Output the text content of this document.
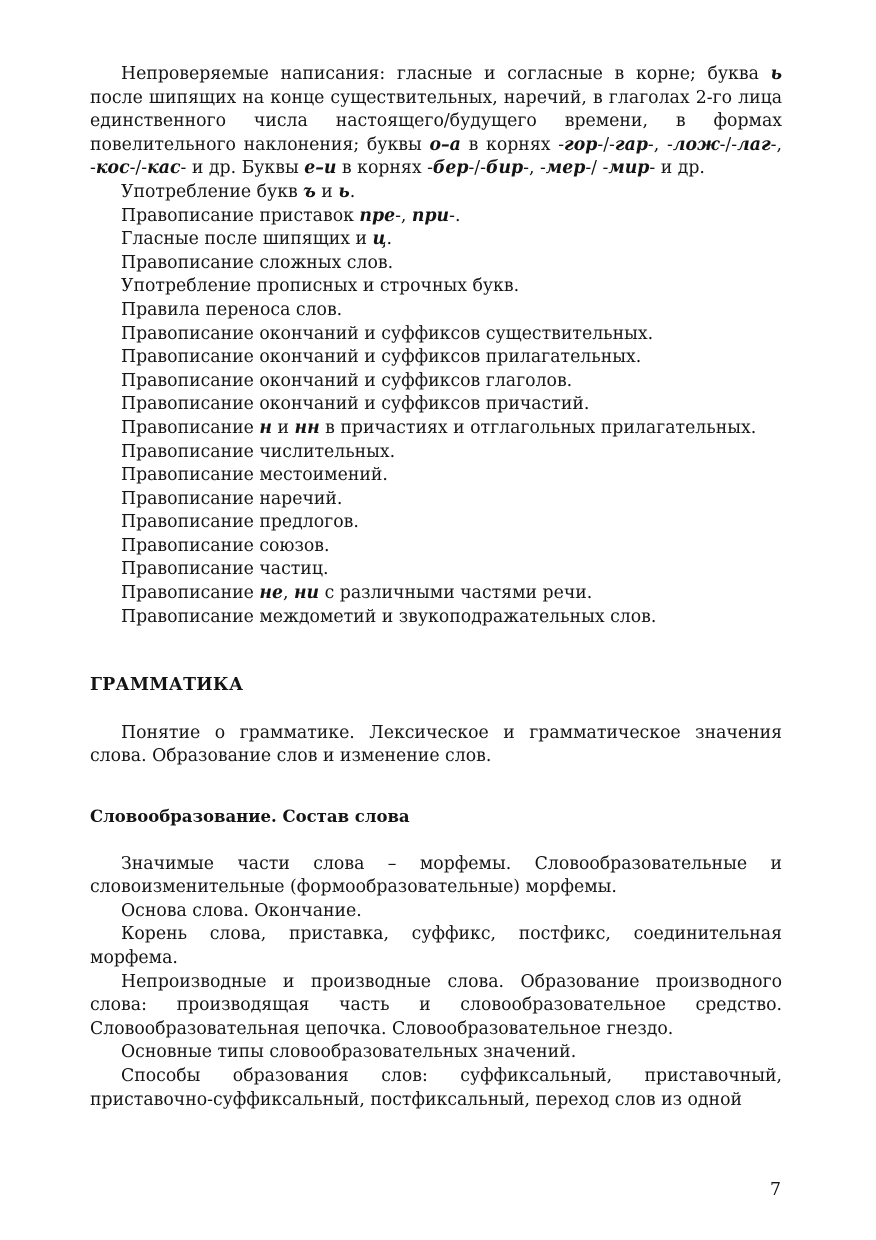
Непроверяемые написания: гласные и согласные в корне; буква ь после шипящих на конце существительных, наречий, в глаголах 2-го лица единственного числа настоящего/будущего времени, в формах повелительного наклонения; буквы о–а в корнях -гор-/-гар-, -лож-/-лаг-, -кос-/-кас- и др. Буквы е–и в корнях -бер-/-бир-, -мер-/ -мир- и др.

Употребление букв ъ и ь.

Правописание приставок пре-, при-.

Гласные после шипящих и ц.

Правописание сложных слов.

Употребление прописных и строчных букв.

Правила переноса слов.

Правописание окончаний и суффиксов существительных.

Правописание окончаний и суффиксов прилагательных.

Правописание окончаний и суффиксов глаголов.

Правописание окончаний и суффиксов причастий.

Правописание н и нн в причастиях и отглагольных прилагательных.

Правописание числительных.

Правописание местоимений.

Правописание наречий.

Правописание предлогов.

Правописание союзов.

Правописание частиц.

Правописание не, ни с различными частями речи.

Правописание междометий и звукоподражательных слов.

ГРАММАТИКА

Понятие о грамматике. Лексическое и грамматическое значения слова. Образование слов и изменение слов.

Словообразование. Состав слова

Значимые части слова – морфемы. Словообразовательные и словоизменительные (формообразовательные) морфемы.

Основа слова. Окончание.

Корень слова, приставка, суффикс, постфикс, соединительная морфема.

Непроизводные и производные слова. Образование производного слова: производящая часть и словообразовательное средство. Словообразовательная цепочка. Словообразовательное гнездо.

Основные типы словообразовательных значений.

Способы образования слов: суффиксальный, приставочный, приставочно-суффиксальный, постфиксальный, переход слов из одной

7
